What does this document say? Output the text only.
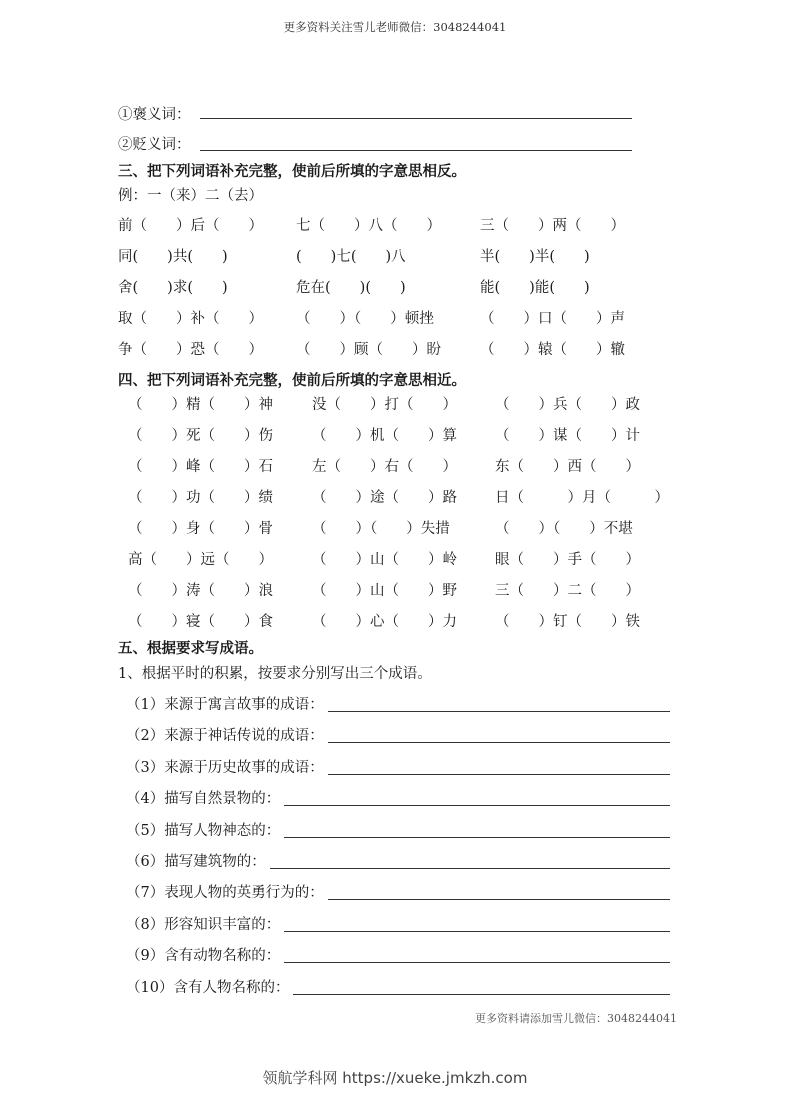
更多资料关注雪儿老师微信：3048244041
①褒义词：
②贬义词：
三、把下列词语补充完整，使前后所填的字意思相反。
例：一（来）二（去）
前（　　）后（　　） 七（　　）八（　　）	三（　　）两（　　）
同(　　)共(　　)	(　　)七(　　)八	半(　　)半(　　)
舍(　　)求(　　)	危在(　　)(　　)	能(　　)能(　　)
取（　　）补（　　） （　　）（　　）顿挫	（　　）口（　　）声
争（　　）恐（　　） （　　）顾（　　）盼	（　　）辕（　　）辙
四、把下列词语补充完整，使前后所填的字意思相近。
（　　）精（　　）神	没（　　）打（　　）	（　　）兵（　　）政
（　　）死（　　）伤	（　　）机（　　）算	（　　）谋（　　）计
（　　）峰（　　）石	左（　　）右（　　）	东（　　）西（　　）
（　　）功（　　）绩	（　　）途（　　）路	日（　　　）月（　　　）
（　　）身（　　）骨	（　　）（　　）失措	（　　）（　　）不堪
高（　　）远（　　）	（　　）山（　　）岭	眼（　　）手（　　）
（　　）涛（　　）浪	（　　）山（　　）野	三（　　）二（　　）
（　　）寝（　　）食	（　　）心（　　）力	（　　）钉（　　）铁
五、根据要求写成语。
1、根据平时的积累，按要求分别写出三个成语。
（1）来源于寓言故事的成语：
（2）来源于神话传说的成语：
（3）来源于历史故事的成语：
（4）描写自然景物的：
（5）描写人物神态的：
（6）描写建筑物的：
（7）表现人物的英勇行为的：
（8）形容知识丰富的：
（9）含有动物名称的：
（10）含有人物名称的：
更多资料请添加雪儿微信：3048244041
领航学科网 https://xueke.jmkzh.com
